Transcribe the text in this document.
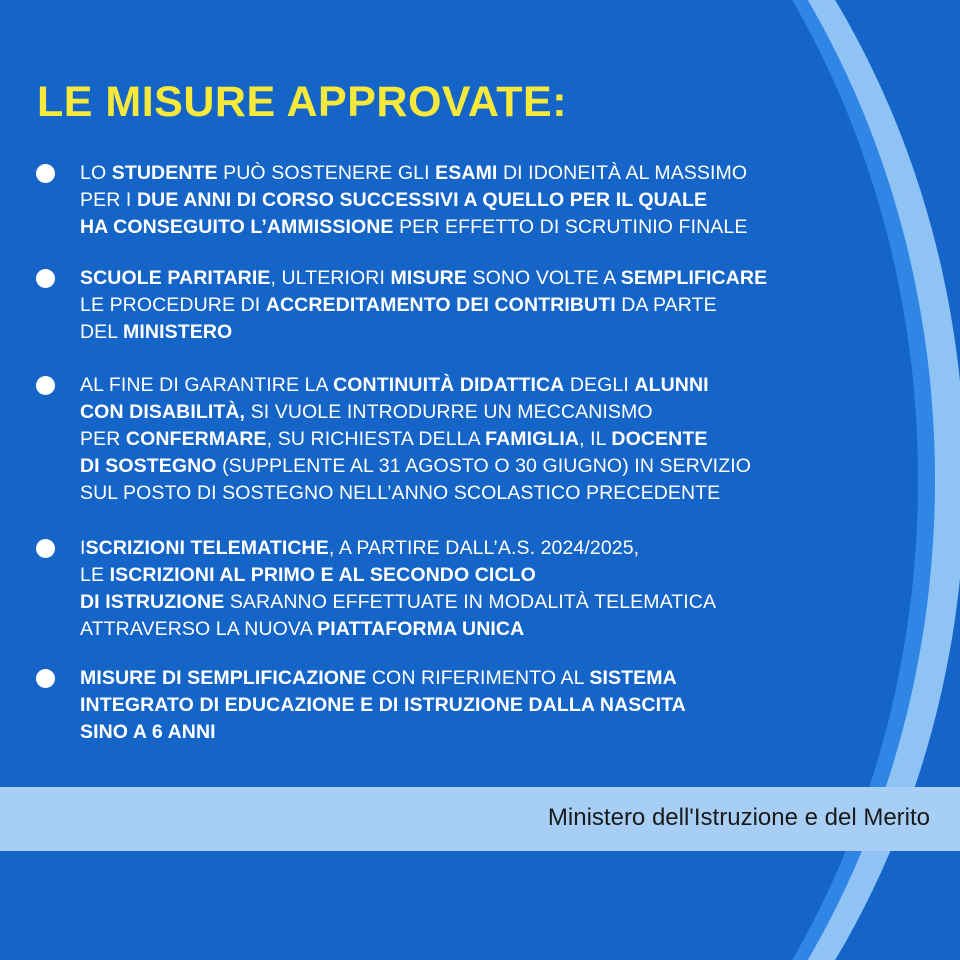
LE MISURE APPROVATE:
LO STUDENTE PUÒ SOSTENERE GLI ESAMI DI IDONEITÀ AL MASSIMO
PER I DUE ANNI DI CORSO SUCCESSIVI A QUELLO PER IL QUALE
HA CONSEGUITO L’AMMISSIONE PER EFFETTO DI SCRUTINIO FINALE
SCUOLE PARITARIE, ULTERIORI MISURE SONO VOLTE A SEMPLIFICARE
LE PROCEDURE DI ACCREDITAMENTO DEI CONTRIBUTI DA PARTE
DEL MINISTERO
AL FINE DI GARANTIRE LA CONTINUITÀ DIDATTICA DEGLI ALUNNI
CON DISABILITÀ, SI VUOLE INTRODURRE UN MECCANISMO
PER CONFERMARE, SU RICHIESTA DELLA FAMIGLIA, IL DOCENTE
DI SOSTEGNO (SUPPLENTE AL 31 AGOSTO O 30 GIUGNO) IN SERVIZIO
SUL POSTO DI SOSTEGNO NELL’ANNO SCOLASTICO PRECEDENTE
ISCRIZIONI TELEMATICHE, A PARTIRE DALL’A.S. 2024/2025,
LE ISCRIZIONI AL PRIMO E AL SECONDO CICLO
DI ISTRUZIONE SARANNO EFFETTUATE IN MODALITÀ TELEMATICA
ATTRAVERSO LA NUOVA PIATTAFORMA UNICA
MISURE DI SEMPLIFICAZIONE CON RIFERIMENTO AL SISTEMA
INTEGRATO DI EDUCAZIONE E DI ISTRUZIONE DALLA NASCITA
SINO A 6 ANNI
Ministero dell'Istruzione e del Merito
